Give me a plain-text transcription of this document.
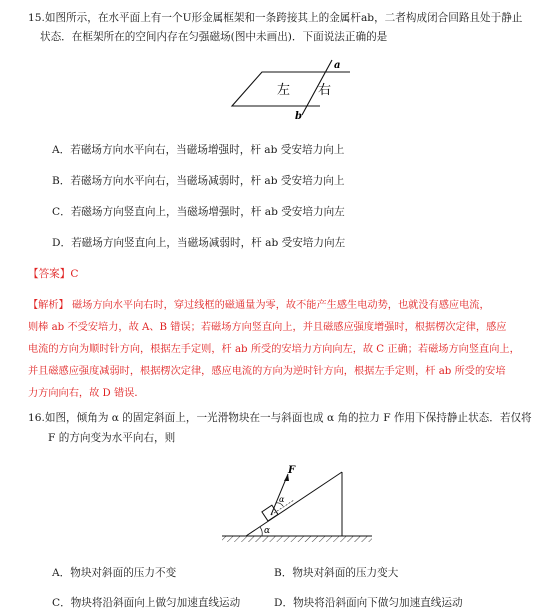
15.如图所示，在水平面上有一个U形金属框架和一条跨接其上的金属杆ab，二者构成闭合回路且处于静止
状态．在框架所在的空间内存在匀强磁场(图中未画出)．下面说法正确的是
左 右
a
b
A．若磁场方向水平向右，当磁场增强时，杆 ab 受安培力向上
B．若磁场方向水平向右，当磁场减弱时，杆 ab 受安培力向上
C．若磁场方向竖直向上，当磁场增强时，杆 ab 受安培力向左
D．若磁场方向竖直向上，当磁场减弱时，杆 ab 受安培力向左
【答案】C
【解析】 磁场方向水平向右时，穿过线框的磁通量为零，故不能产生感生电动势，也就没有感应电流，
则棒 ab 不受安培力，故 A、B 错误；若磁场方向竖直向上，并且磁感应强度增强时，根据楞次定律，感应
电流的方向为顺时针方向，根据左手定则，杆 ab 所受的安培力方向向左，故 C 正确；若磁场方向竖直向上，
并且磁感应强度减弱时，根据楞次定律，感应电流的方向为逆时针方向，根据左手定则，杆 ab 所受的安培
力方向向右，故 D 错误．
16.如图，倾角为 α 的固定斜面上，一光滑物块在一与斜面也成 α 角的拉力 F 作用下保持静止状态．若仅将
F 的方向变为水平向右，则
F
α
α
A．物块对斜面的压力不变	B．物块对斜面的压力变大
C．物块将沿斜面向上做匀加速直线运动	D．物块将沿斜面向下做匀加速直线运动
